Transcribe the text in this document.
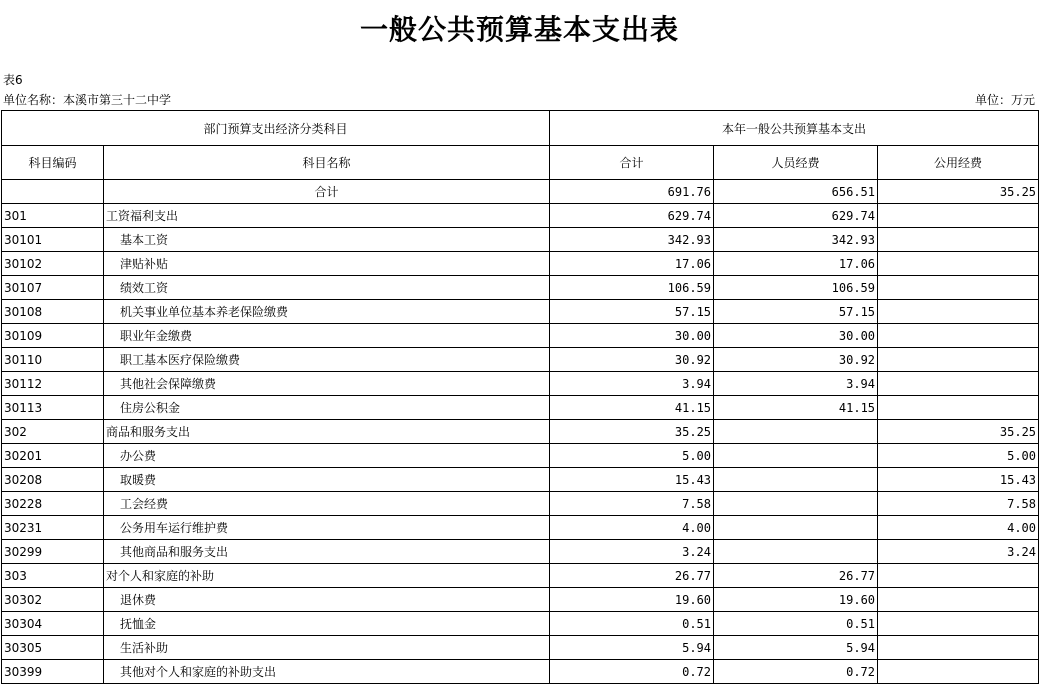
一般公共预算基本支出表
表6
单位名称：本溪市第三十二中学	单位：万元
部门预算支出经济分类科目		本年一般公共预算基本支出		
科目编码	科目名称	合计	人员经费	公用经费
	合计	691.76	656.51	35.25
301	工资福利支出	629.74	629.74	
30101	基本工资	342.93	342.93	
30102	津贴补贴	17.06	17.06	
30107	绩效工资	106.59	106.59	
30108	机关事业单位基本养老保险缴费	57.15	57.15	
30109	职业年金缴费	30.00	30.00	
30110	职工基本医疗保险缴费	30.92	30.92	
30112	其他社会保障缴费	3.94	3.94	
30113	住房公积金	41.15	41.15	
302	商品和服务支出	35.25		35.25
30201	办公费	5.00		5.00
30208	取暖费	15.43		15.43
30228	工会经费	7.58		7.58
30231	公务用车运行维护费	4.00		4.00
30299	其他商品和服务支出	3.24		3.24
303	对个人和家庭的补助	26.77	26.77	
30302	退休费	19.60	19.60	
30304	抚恤金	0.51	0.51	
30305	生活补助	5.94	5.94	
30399	其他对个人和家庭的补助支出	0.72	0.72	
